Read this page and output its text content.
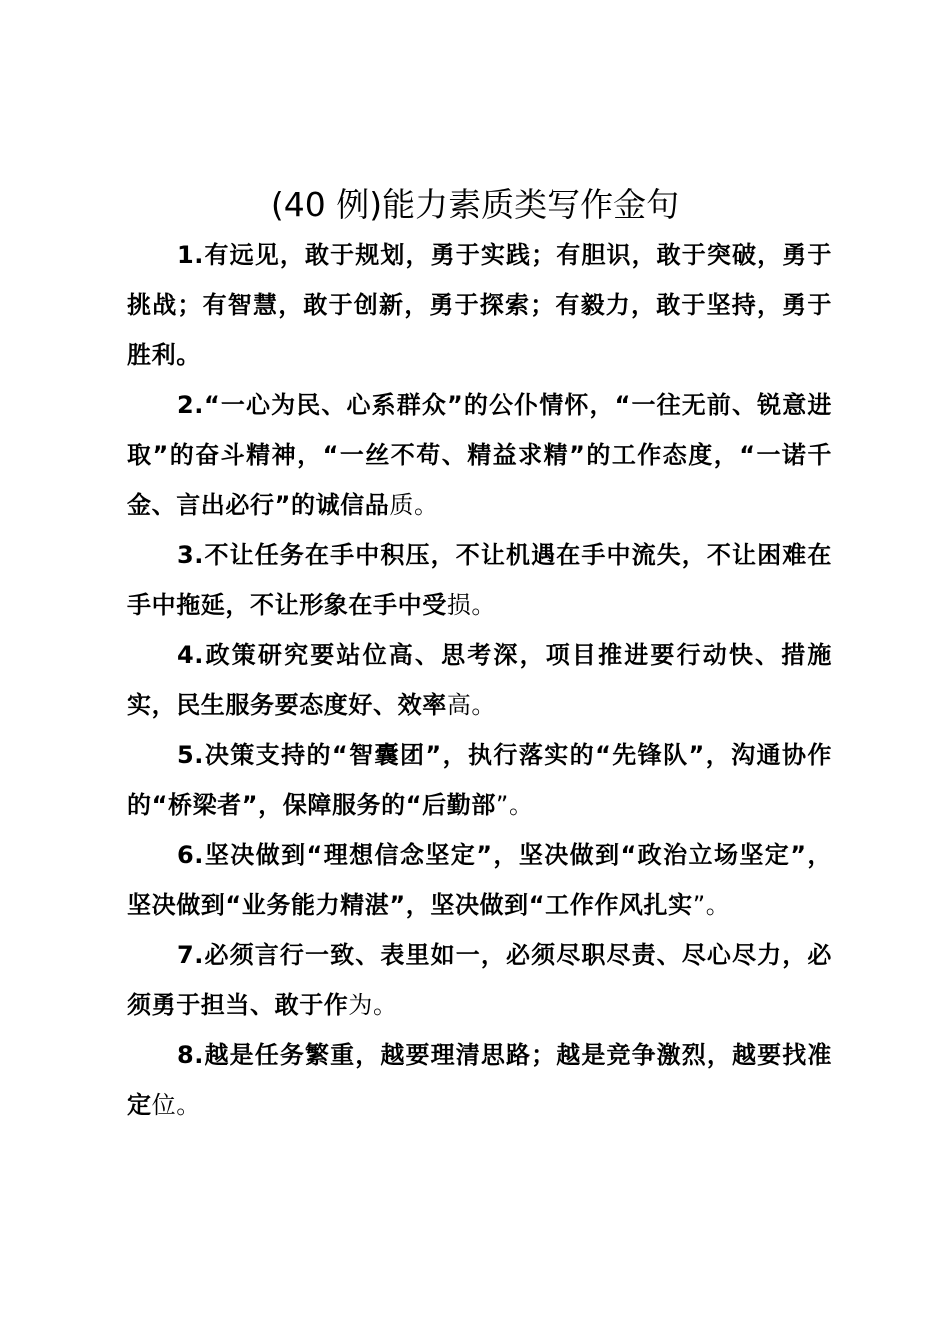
(40 例)能力素质类写作金句

1.有远见，敢于规划，勇于实践；有胆识，敢于突破，勇于挑战；有智慧，敢于创新，勇于探索；有毅力，敢于坚持，勇于胜利。

2.“一心为民、心系群众”的公仆情怀，“一往无前、锐意进取”的奋斗精神，“一丝不苟、精益求精”的工作态度，“一诺千金、言出必行”的诚信品质。

3.不让任务在手中积压，不让机遇在手中流失，不让困难在手中拖延，不让形象在手中受损。

4.政策研究要站位高、思考深，项目推进要行动快、措施实，民生服务要态度好、效率高。

5.决策支持的“智囊团”，执行落实的“先锋队”，沟通协作的“桥梁者”，保障服务的“后勤部”。

6.坚决做到“理想信念坚定”，坚决做到“政治立场坚定”，坚决做到“业务能力精湛”，坚决做到“工作作风扎实”。

7.必须言行一致、表里如一，必须尽职尽责、尽心尽力，必须勇于担当、敢于作为。

8.越是任务繁重，越要理清思路；越是竞争激烈，越要找准定位。
